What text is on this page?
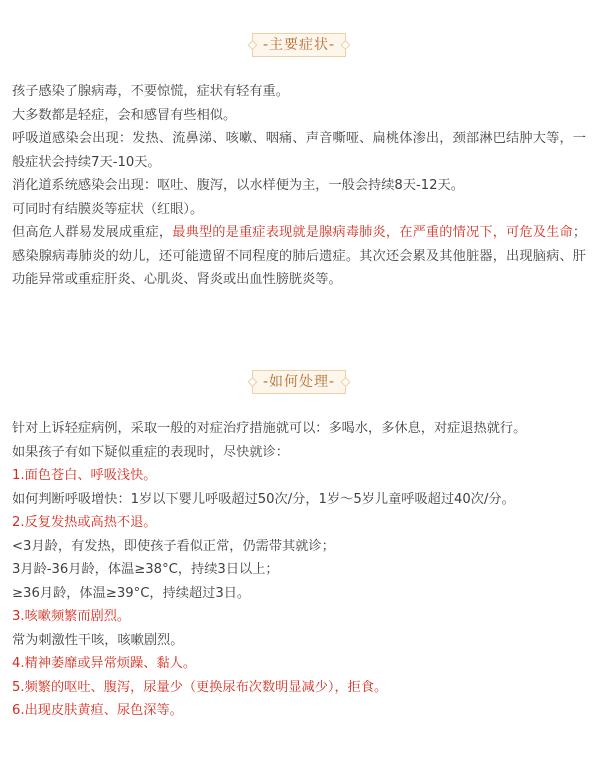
-主要症状-

孩子感染了腺病毒，不要惊慌，症状有轻有重。

大多数都是轻症，会和感冒有些相似。

呼吸道感染会出现：发热、流鼻涕、咳嗽、咽痛、声音嘶哑、扁桃体渗出，颈部淋巴结肿大等，一般症状会持续7天-10天。

消化道系统感染会出现：呕吐、腹泻，以水样便为主，一般会持续8天-12天。

可同时有结膜炎等症状（红眼）。

但高危人群易发展成重症，最典型的是重症表现就是腺病毒肺炎，在严重的情况下，可危及生命；感染腺病毒肺炎的幼儿，还可能遗留不同程度的肺后遗症。其次还会累及其他脏器，出现脑病、肝功能异常或重症肝炎、心肌炎、肾炎或出血性膀胱炎等。

-如何处理-

针对上诉轻症病例，采取一般的对症治疗措施就可以：多喝水，多休息，对症退热就行。

如果孩子有如下疑似重症的表现时，尽快就诊：

1.面色苍白、呼吸浅快。

如何判断呼吸增快：1岁以下婴儿呼吸超过50次/分，1岁～5岁儿童呼吸超过40次/分。

2.反复发热或高热不退。

<3月龄，有发热，即使孩子看似正常，仍需带其就诊；

3月龄-36月龄，体温≥38°C，持续3日以上；

≥36月龄，体温≥39°C，持续超过3日。

3.咳嗽频繁而剧烈。

常为刺激性干咳，咳嗽剧烈。

4.精神萎靡或异常烦躁、黏人。

5.频繁的呕吐、腹泻，尿量少（更换尿布次数明显减少），拒食。

6.出现皮肤黄疸、尿色深等。
